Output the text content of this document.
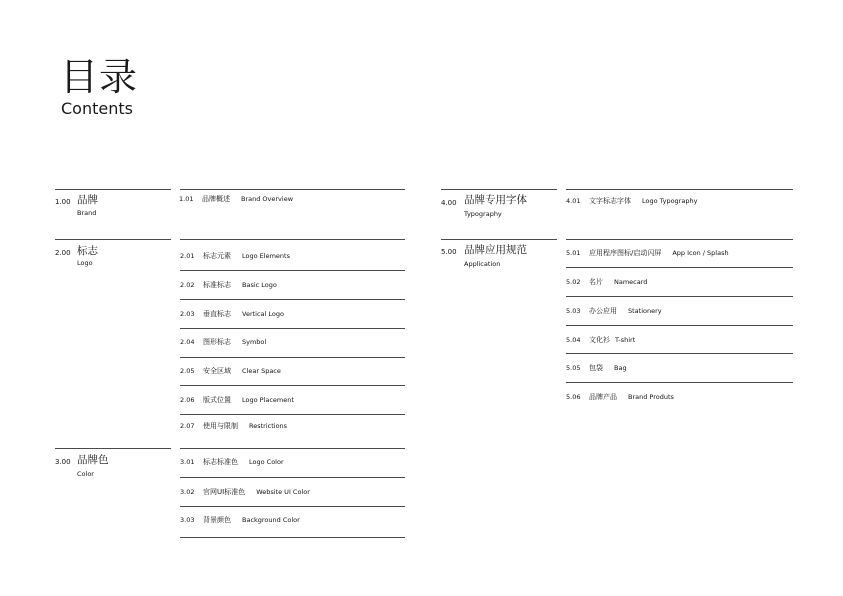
目录
Contents
1.00 品牌
Brand
2.00 标志
Logo
3.00 品牌色
Color
4.00 品牌专用字体
Typography
5.00 品牌应用规范
Application
1.01	品牌概述 Brand Overview
2.01	标志元素 Logo Elements
2.02	标准标志 Basic Logo
2.03	垂直标志 Vertical Logo
2.04	图形标志 Symbol
2.05	安全区域 Clear Space
2.06	版式位置 Logo Placement
2.07	使用与限制 Restrictions
3.01	标志标准色 Logo Color
3.02	官网UI标准色 Website UI Color
3.03	背景颜色 Background Color
4.01	文字标志字体 Logo Typography
5.01	应用程序图标/启动闪屏 App Icon / Splash
5.02	名片 Namecard
5.03	办公应用 Stationery
5.04	文化衫 T-shirt
5.05	包袋 Bag
5.06	品牌产品 Brand Produts
